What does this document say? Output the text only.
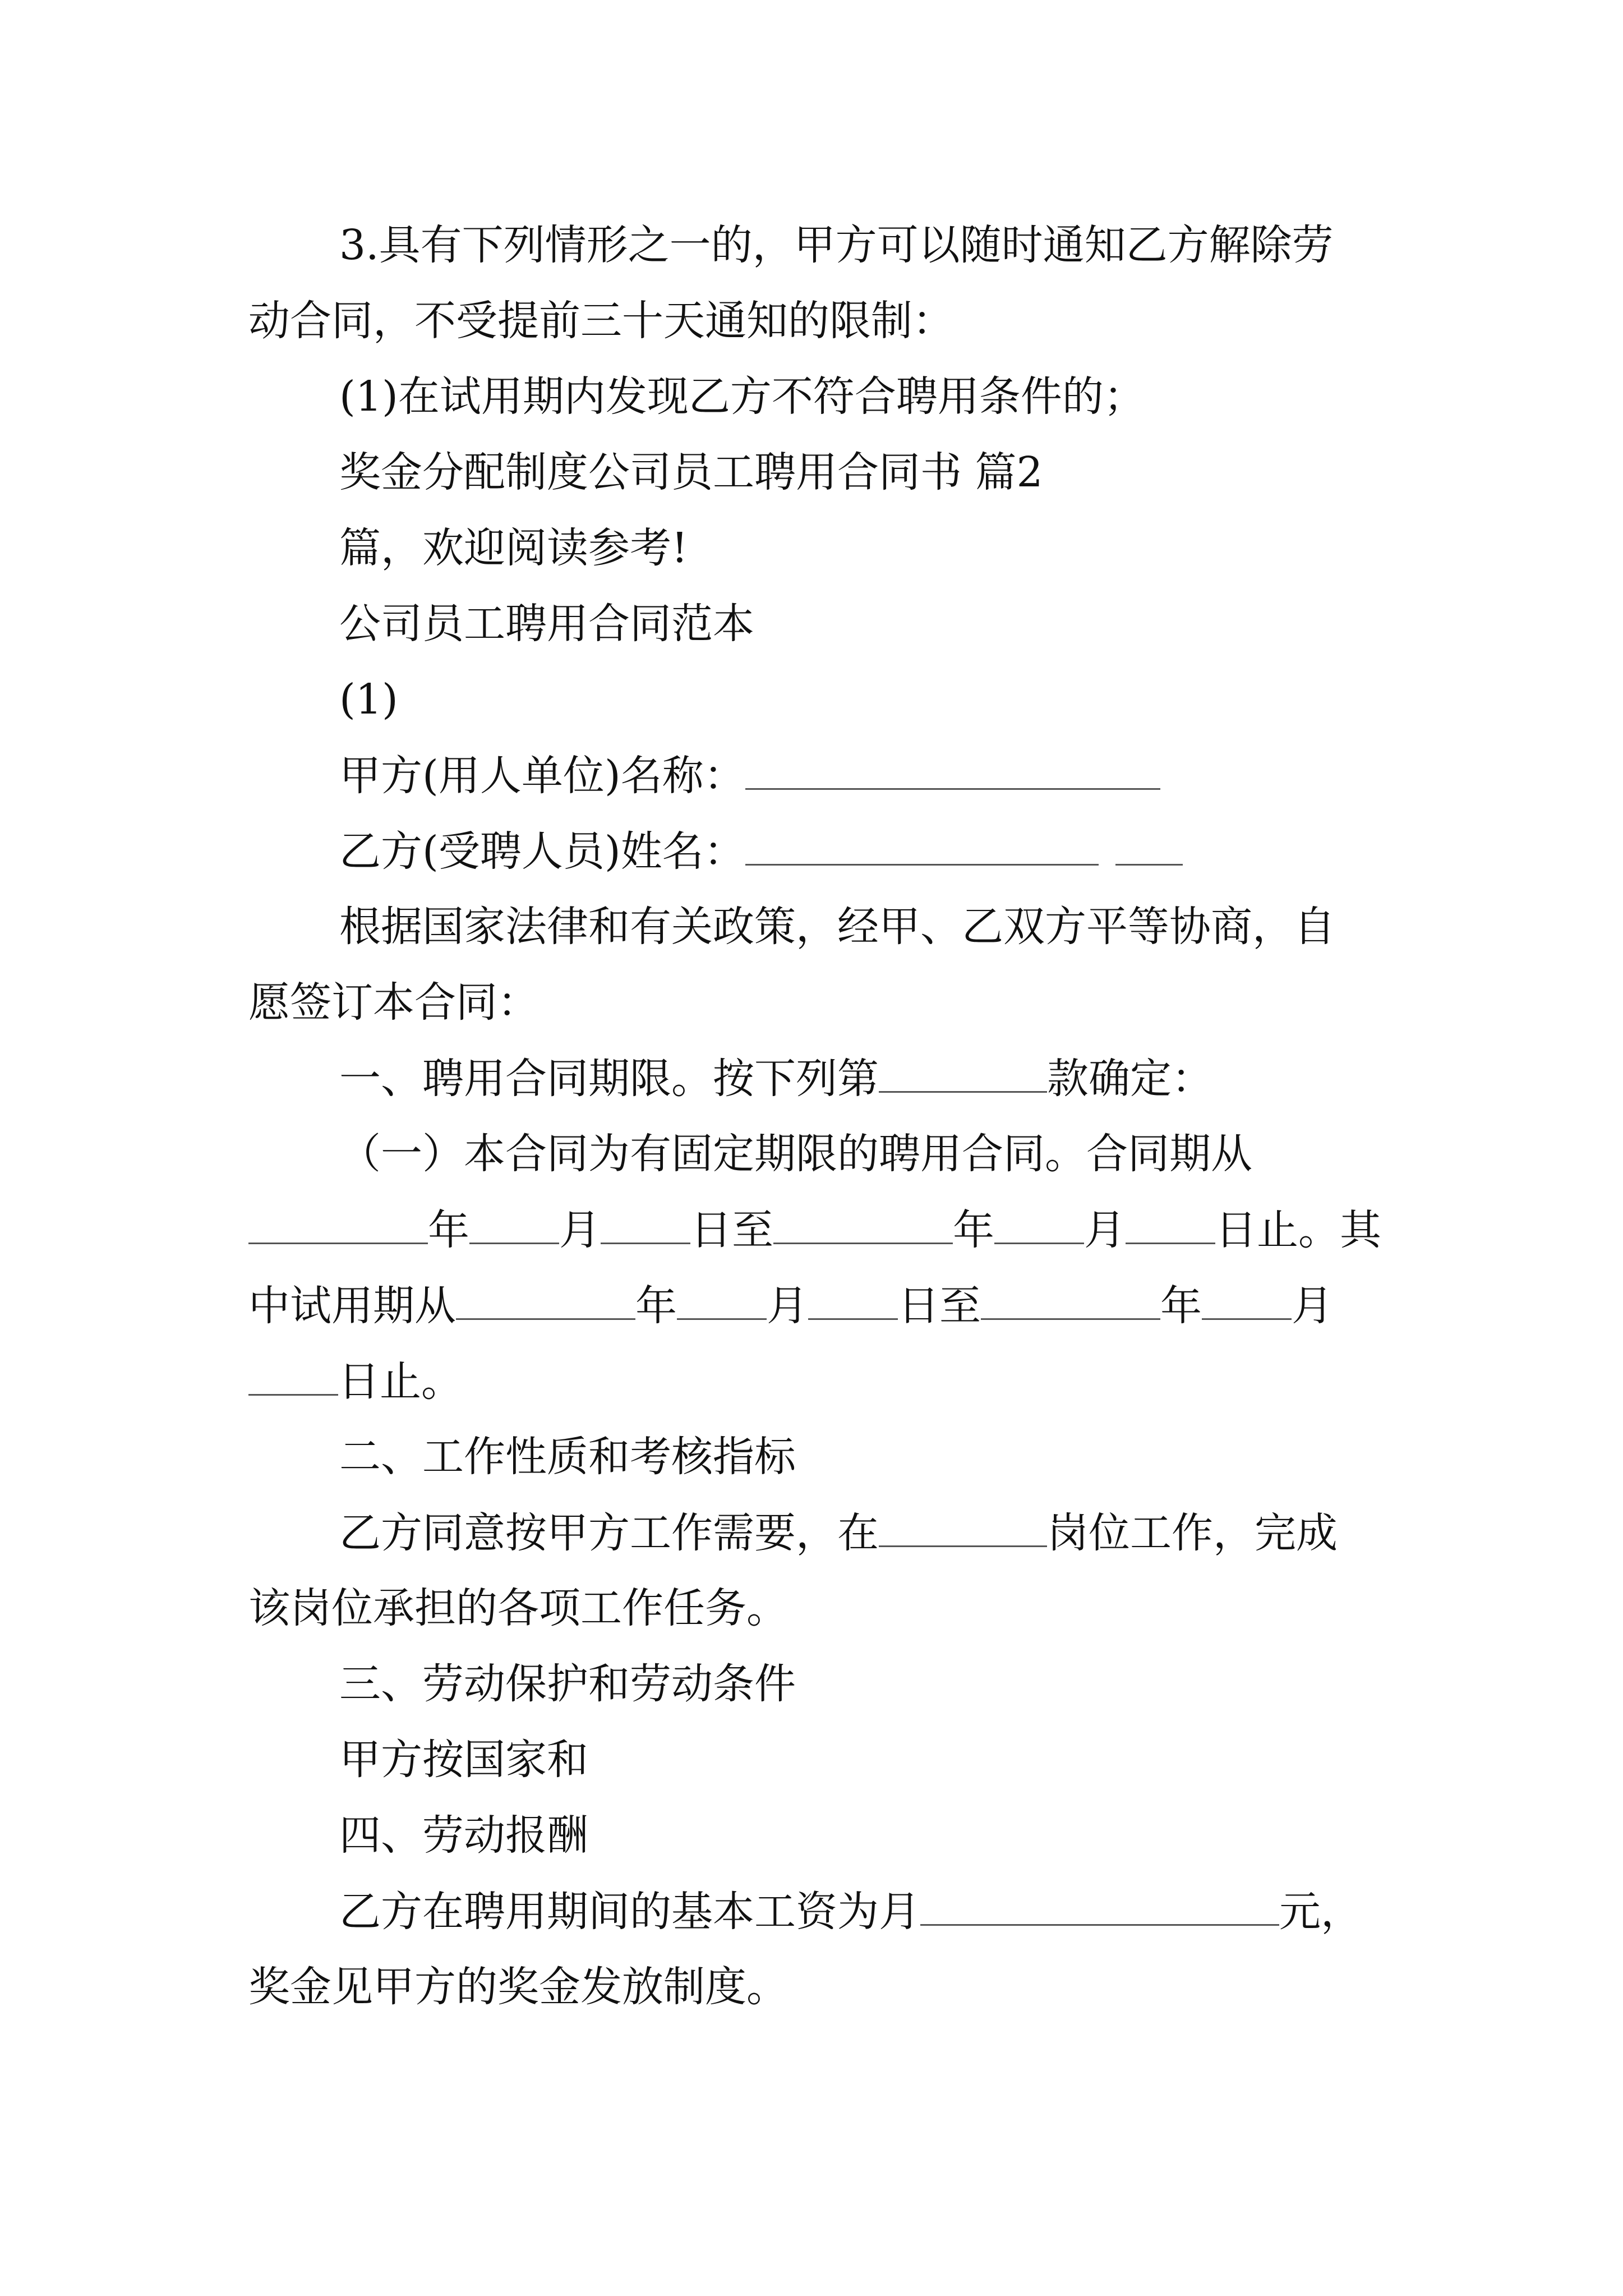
3.具有下列情形之一的，甲方可以随时通知乙方解除劳
动合同，不受提前三十天通知的限制：
(1)在试用期内发现乙方不符合聘用条件的；
奖金分配制度公司员工聘用合同书 篇2
篇，欢迎阅读参考!
公司员工聘用合同范本
(1)
甲方(用人单位)名称：
乙方(受聘人员)姓名：
根据国家法律和有关政策，经甲、乙双方平等协商，自
愿签订本合同：
一、聘用合同期限。按下列第	款确定：
（一）本合同为有固定期限的聘用合同。合同期从
年 月 日至	年 月 日止。其
中试用期从	年 月 日至	年 月
日止。
二、工作性质和考核指标
乙方同意按甲方工作需要，在	岗位工作，完成
该岗位承担的各项工作任务。
三、劳动保护和劳动条件
甲方按国家和
四、劳动报酬
乙方在聘用期间的基本工资为月	元，
奖金见甲方的奖金发放制度。
